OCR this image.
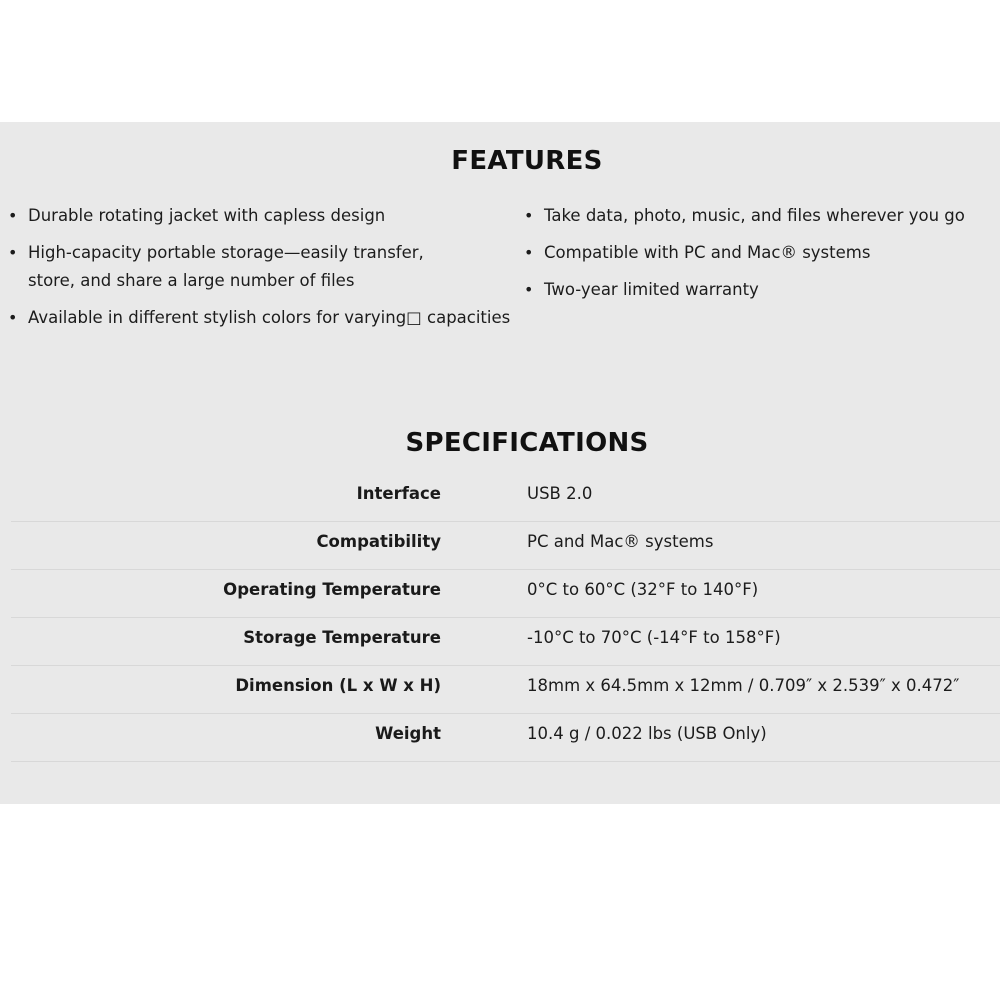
FEATURES
• Durable rotating jacket with capless design
• High-capacity portable storage—easily transfer, store, and share a large number of files
• Available in different stylish colors for varying□ capacities
• Take data, photo, music, and files wherever you go
• Compatible with PC and Mac® systems
• Two-year limited warranty
SPECIFICATIONS
Interface	USB 2.0
Compatibility	PC and Mac® systems
Operating Temperature	0°C to 60°C (32°F to 140°F)
Storage Temperature	-10°C to 70°C (-14°F to 158°F)
Dimension (L x W x H)	18mm x 64.5mm x 12mm / 0.709″ x 2.539″ x 0.472″
Weight	10.4 g / 0.022 lbs (USB Only)
